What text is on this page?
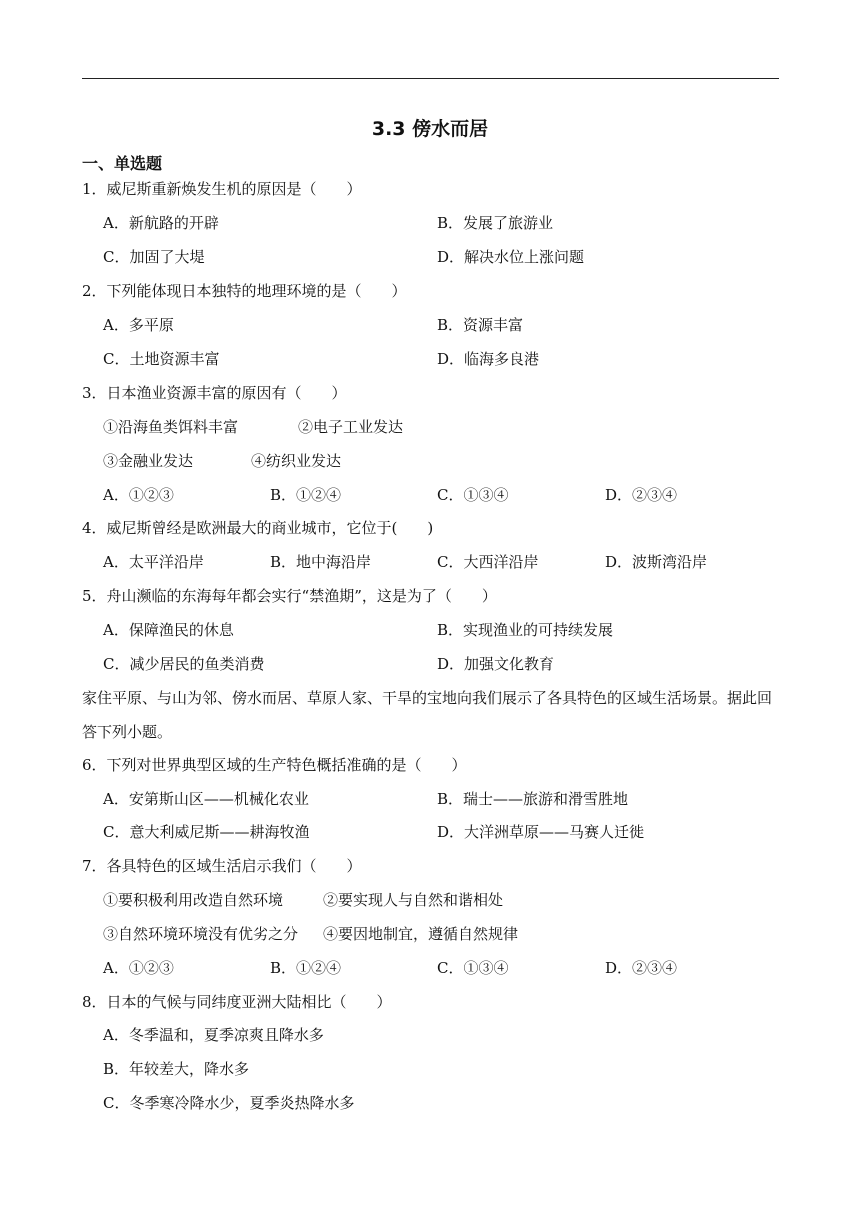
3.3 傍水而居
一、单选题
1．威尼斯重新焕发生机的原因是（　　）
A．新航路的开辟	B．发展了旅游业
C．加固了大堤	D．解决水位上涨问题
2．下列能体现日本独特的地理环境的是（　　）
A．多平原	B．资源丰富
C．土地资源丰富	D．临海多良港
3．日本渔业资源丰富的原因有（　　）
①沿海鱼类饵料丰富	②电子工业发达
③金融业发达	④纺织业发达
A．①②③	B．①②④	C．①③④	D．②③④
4．威尼斯曾经是欧洲最大的商业城市，它位于(　　)
A．太平洋沿岸	B．地中海沿岸	C．大西洋沿岸	D．波斯湾沿岸
5．舟山濒临的东海每年都会实行“禁渔期”，这是为了（　　）
A．保障渔民的休息	B．实现渔业的可持续发展
C．减少居民的鱼类消费	D．加强文化教育
家住平原、与山为邻、傍水而居、草原人家、干旱的宝地向我们展示了各具特色的区域生活场景。据此回答下列小题。
6．下列对世界典型区域的生产特色概括准确的是（　　）
A．安第斯山区——机械化农业	B．瑞士——旅游和滑雪胜地
C．意大利威尼斯——耕海牧渔	D．大洋洲草原——马赛人迁徙
7．各具特色的区域生活启示我们（　　）
①要积极利用改造自然环境	②要实现人与自然和谐相处
③自然环境环境没有优劣之分 ④要因地制宜，遵循自然规律
A．①②③	B．①②④	C．①③④	D．②③④
8．日本的气候与同纬度亚洲大陆相比（　　）
A．冬季温和，夏季凉爽且降水多
B．年较差大，降水多
C．冬季寒冷降水少，夏季炎热降水多
